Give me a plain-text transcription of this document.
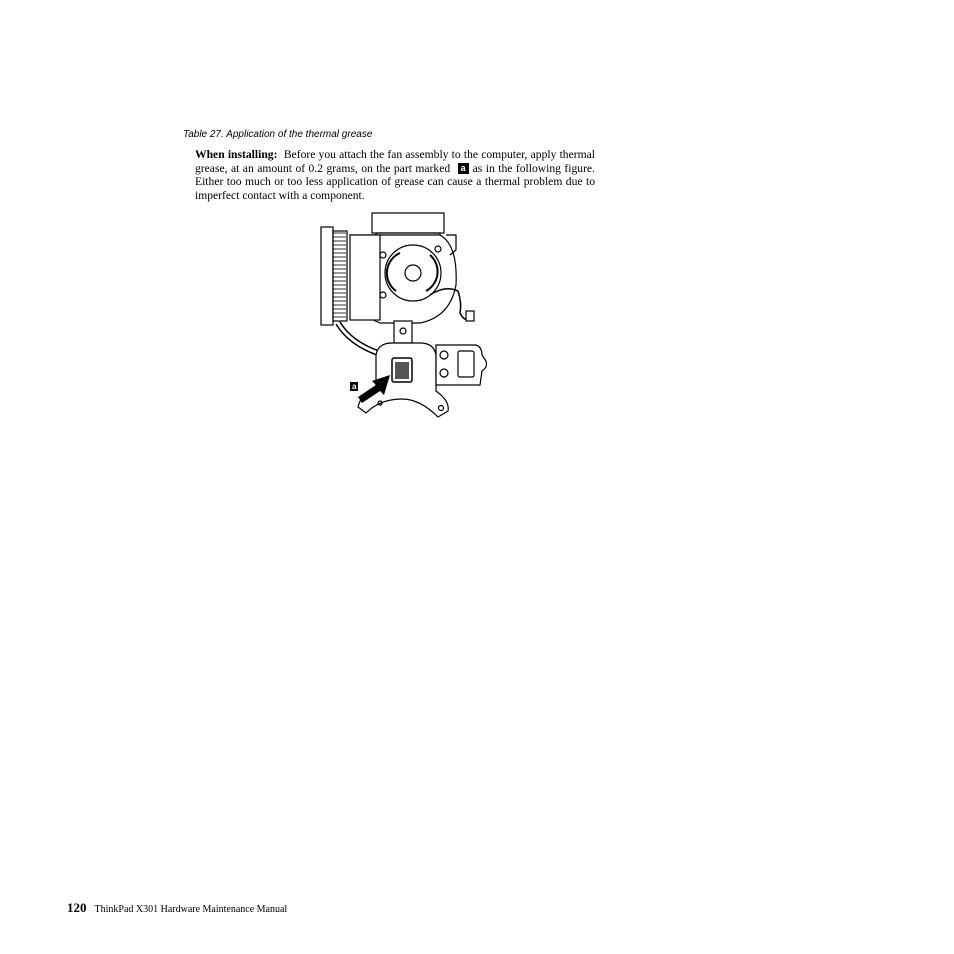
Table 27. Application of the thermal grease

When installing: Before you attach the fan assembly to the computer, apply thermal grease, at an amount of 0.2 grams, on the part marked a as in the following figure. Either too much or too less application of grease can cause a thermal problem due to imperfect contact with a component.

a
120 ThinkPad X301 Hardware Maintenance Manual
